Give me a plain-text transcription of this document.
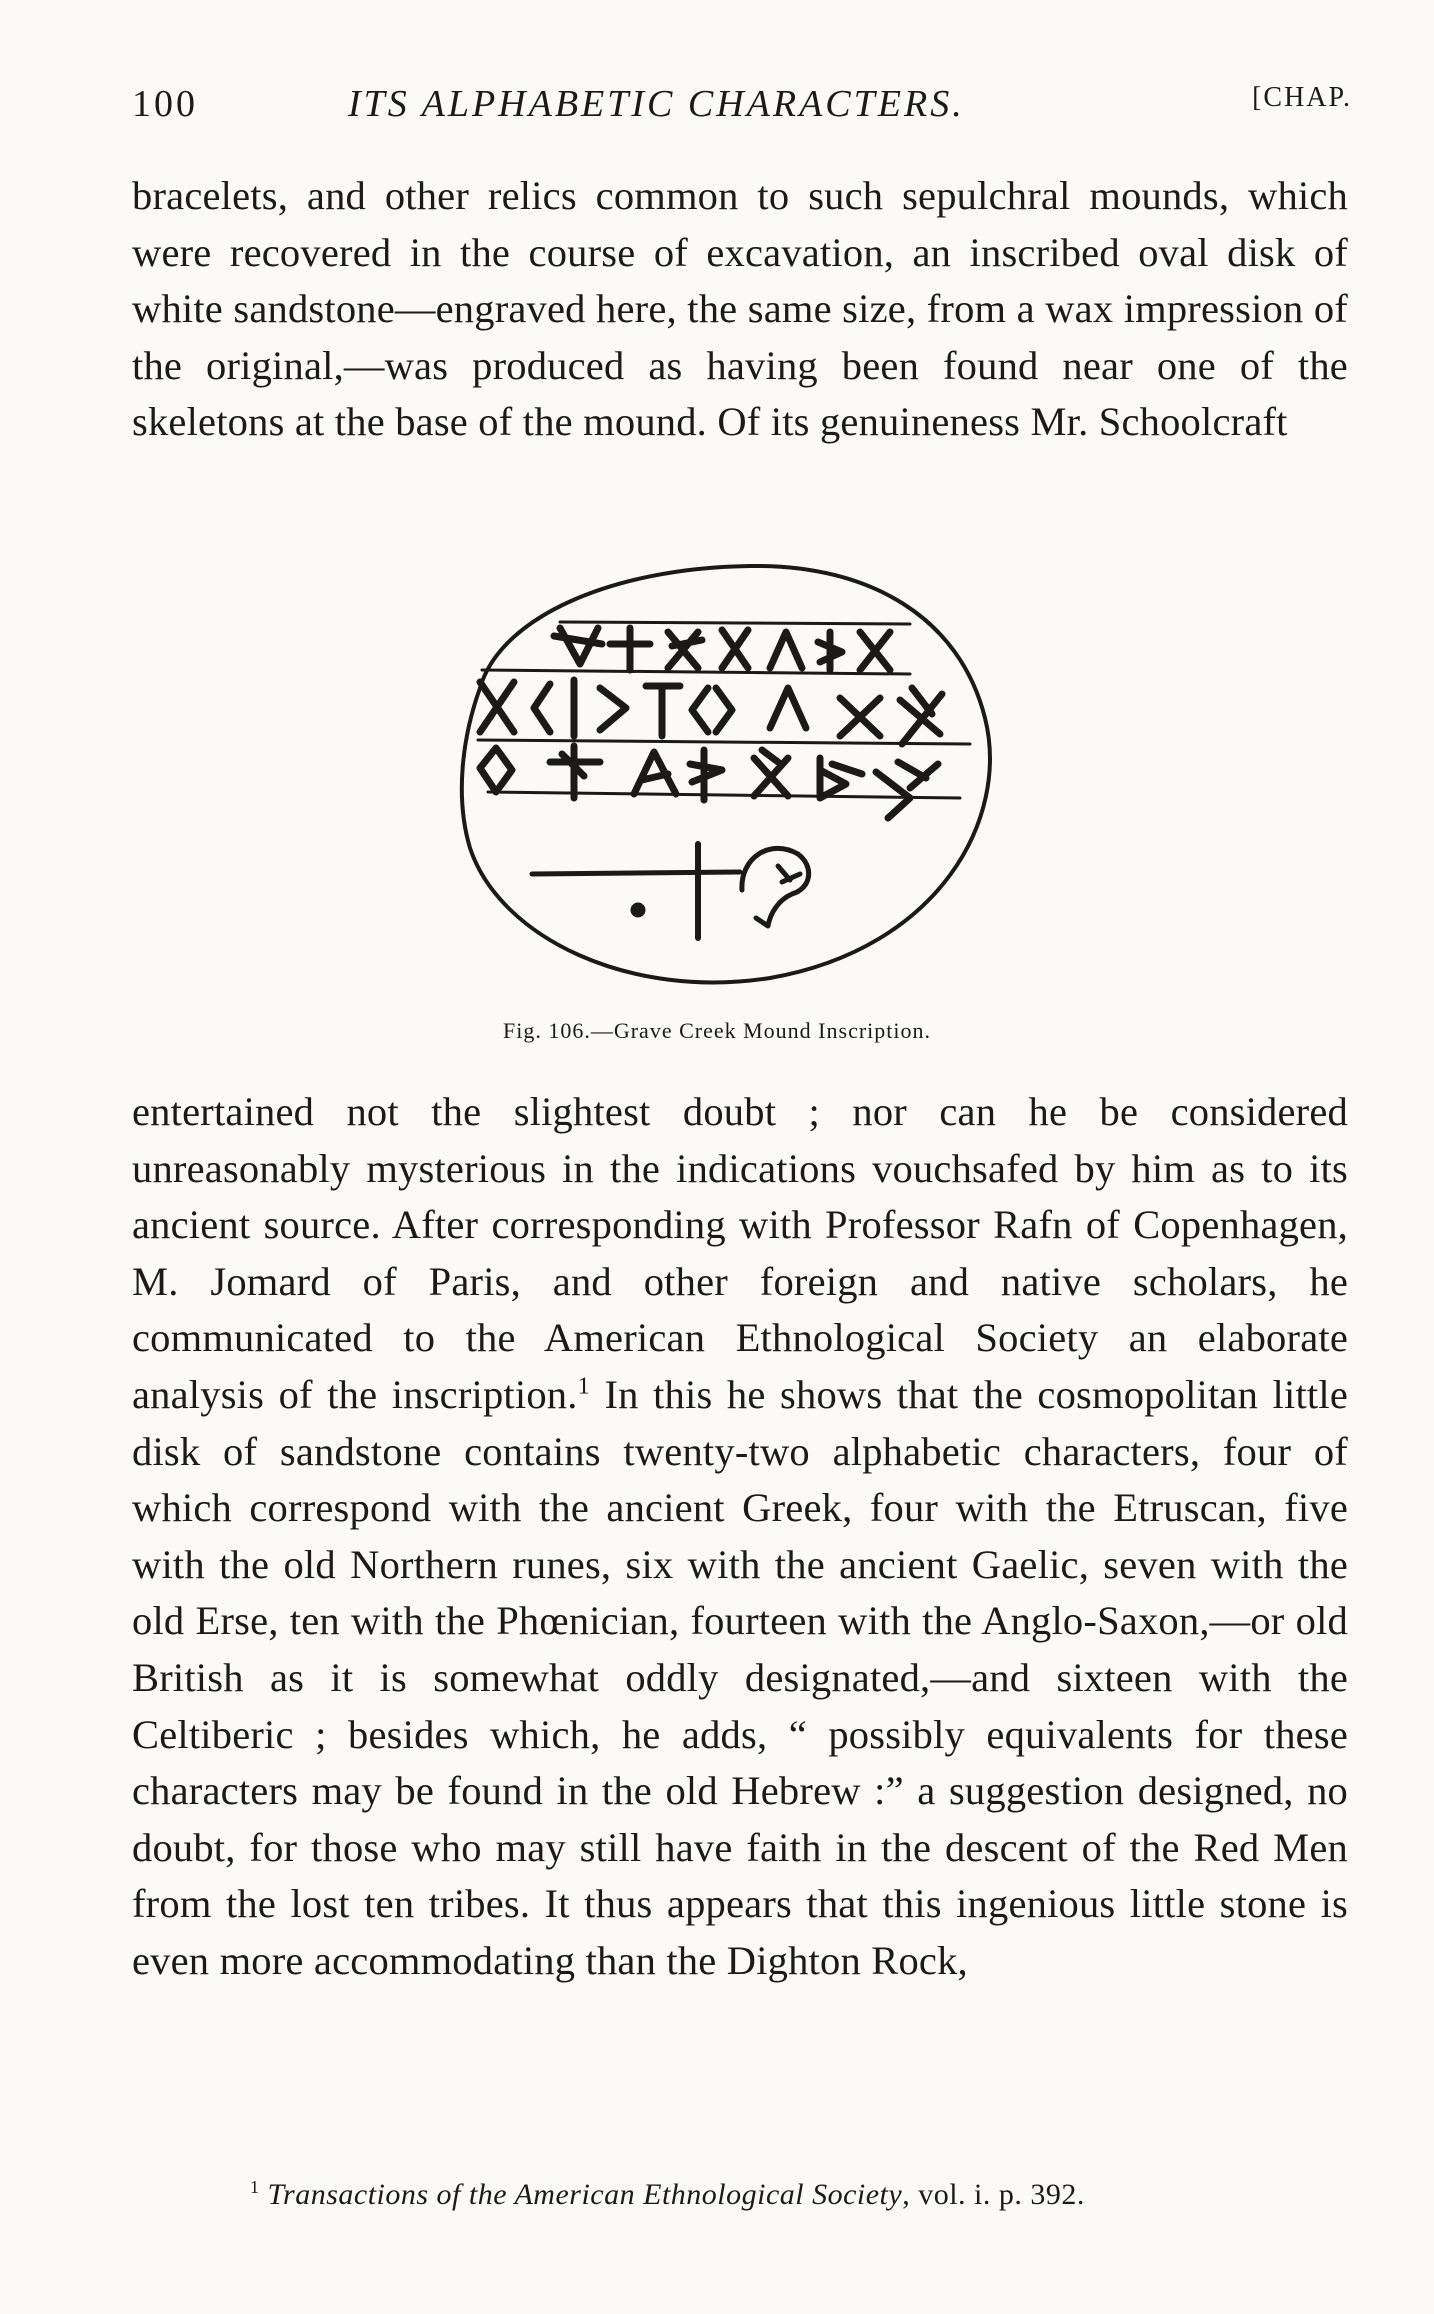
100	ITS ALPHABETIC CHARACTERS.	[CHAP.

bracelets, and other relics common to such sepulchral mounds, which were recovered in the course of excavation, an inscribed oval disk of white sandstone—engraved here, the same size, from a wax impression of the original,—was produced as having been found near one of the skeletons at the base of the mound. Of its genuineness Mr. Schoolcraft

Fig. 106.—Grave Creek Mound Inscription.

entertained not the slightest doubt ; nor can he be considered unreasonably mysterious in the indications vouchsafed by him as to its ancient source. After corresponding with Professor Rafn of Copenhagen, M. Jomard of Paris, and other foreign and native scholars, he communicated to the American Ethnological Society an elaborate analysis of the inscription.$^1$ In this he shows that the cosmopolitan little disk of sandstone contains twenty-two alphabetic characters, four of which correspond with the ancient Greek, four with the Etruscan, five with the old Northern runes, six with the ancient Gaelic, seven with the old Erse, ten with the Phœnician, fourteen with the Anglo-Saxon,—or old British as it is somewhat oddly designated,—and sixteen with the Celtiberic ; besides which, he adds, “ possibly equivalents for these characters may be found in the old Hebrew :” a suggestion designed, no doubt, for those who may still have faith in the descent of the Red Men from the lost ten tribes. It thus appears that this ingenious little stone is even more accommodating than the Dighton Rock,

$^1$ Transactions of the American Ethnological Society, vol. i. p. 392.
